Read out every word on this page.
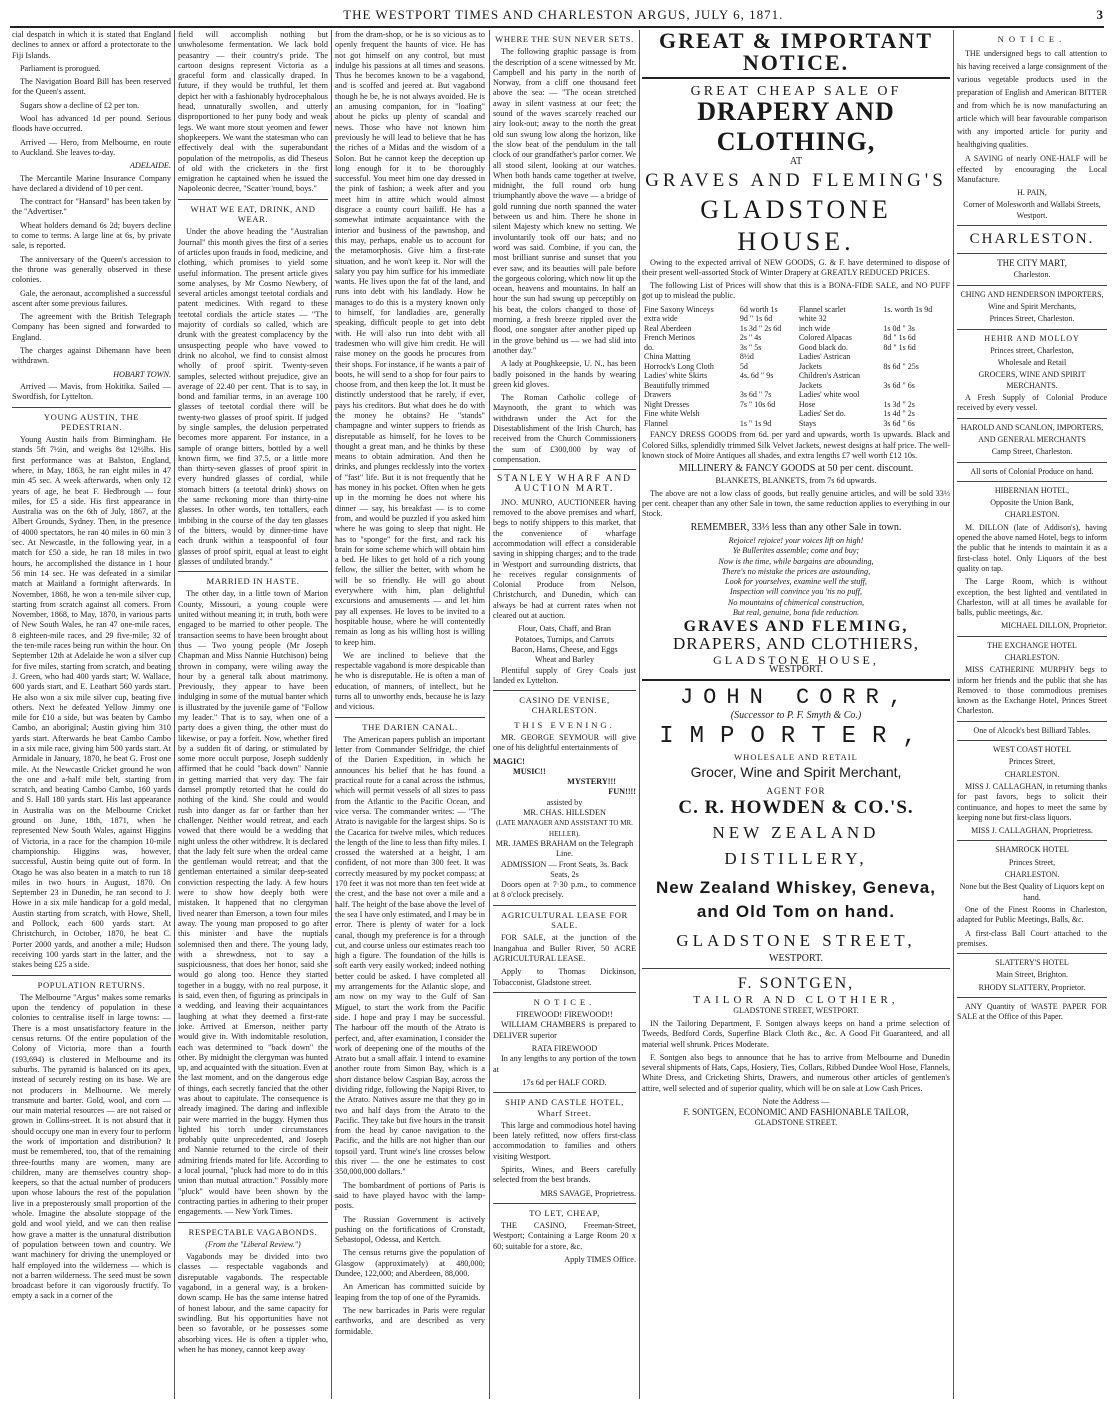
THE WESTPORT TIMES AND CHARLESTON ARGUS, JULY 6, 1871.	3

cial despatch in which it is stated that England declines to annex or afford a protectorate to the Fiji Islands.

Parliament is prorogued.

The Navigation Board Bill has been reserved for the Queen's assent.

Sugars show a decline of £2 per ton.

Wool has advanced 1d per pound. Serious floods have occurred.

Arrived — Hero, from Melbourne, en route to Auckland. She leaves to-day.

ADELAIDE.

The Mercantile Marine Insurance Company have declared a dividend of 10 per cent.

The contract for "Hansard" has been taken by the "Advertiser."

Wheat holders demand 6s 2d; buyers decline to come to terms. A large line at 6s, by private sale, is reported.

The anniversary of the Queen's accession to the throne was generally observed in these colonies.

Gale, the aeronaut, accomplished a successful ascent after some previous failures.

The agreement with the British Telegraph Company has been signed and forwarded to England.

The charges against Dihemann have been withdrawn.

HOBART TOWN.

Arrived — Mavis, from Hokitika. Sailed — Swordfish, for Lyttelton.

YOUNG AUSTIN, THE PEDESTRIAN.

Young Austin hails from Birmingham. He stands 5ft 7½in, and weighs 8st 12½lbs. His first performance was at Balston, England, where, in May, 1863, he ran eight miles in 47 min 45 sec. A week afterwards, when only 12 years of age, he beat F. Hedbrough — four miles, for £5 a side. His first appearance in Australia was on the 6th of July, 1867, at the Albert Grounds, Sydney. Then, in the presence of 4000 spectators, he ran 40 miles in 60 min 3 sec. At Newcastle, in the following year, in a match for £50 a side, he ran 18 miles in two hours, he accomplished the distance in 1 hour 56 min 14 sec. He was defeated in a similar match at Maitland a fortnight afterwards. In November, 1868, he won a ten-mile silver cup, starting from scratch against all comers. From November, 1868, to May, 1870, in various parts of New South Wales, he ran 47 one-mile races, 8 eighteen-mile races, and 29 five-mile; 32 of the ten-mile races being run within the hour. On September 12th at Adelaide he won a silver cup for five miles, starting from scratch, and beating J. Green, who had 400 yards start; W. Wallace, 600 yards start, and E. Leathart 560 yards start. He also won a six mile silver cup, beating five others. Next he defeated Yellow Jimmy one mile for £10 a side, but was beaten by Cambo Cambo, an aboriginal; Austin giving him 310 yards start. Afterwards he beat Cambo Cambo in a six mile race, giving him 500 yards start. At Armidale in January, 1870, he beat G. Frost one mile. At the Newcastle Cricket ground he won the one and a-half mile belt, starting from scratch, and beating Cambo Cambo, 160 yards and S. Hall 180 yards start. His last appearance in Australia was on the Melbourne Cricket ground on June, 18th, 1871, when he represented New South Wales, against Higgins of Victoria, in a race for the champion 10-mile championship. Higgins was, however, successful, Austin being quite out of form. In Otago he was also beaten in a match to run 18 miles in two hours in August, 1870. On September 23 in Dunedin, he ran second to J. Howe in a six mile handicap for a gold medal, Austin starting from scratch, with Howe, Shell, and Pollock, each 600 yards start. At Christchurch, in October, 1870, he beat C. Porter 2000 yards, and another a mile; Hudson receiving 100 yards start in the latter, and the stakes being £25 a side.

POPULATION RETURNS.

The Melbourne "Argus" makes some remarks upon the tendency of population in these colonies to centralise itself in large towns: — There is a most unsatisfactory feature in the census returns. Of the entire population of the Colony of Victoria, more than a fourth (193,694) is clustered in Melbourne and its suburbs. The pyramid is balanced on its apex, instead of securely resting on its base. We are not producers in Melbourne. We merely transmute and barter. Gold, wool, and corn — our main material resources — are not raised or grown in Collins-street. It is not absurd that it should occupy one man in every four to perform the work of importation and distribution? It must be remembered, too, that of the remaining three-fourths many are women, many are children, many are themselves country shop-keepers, so that the actual number of producers upon whose labours the rest of the population live in a preposterously small proportion of the whole. Imagine the absolute stoppage of the gold and wool yield, and we can then realise how grave a matter is the unnatural distribution of population between town and country. We want machinery for driving the unemployed or half employed into the wilderness — which is not a barren wilderness. The seed must be sown broadcast before it can vigorously fructify. To empty a sack in a corner of the

field will accomplish nothing but unwholesome fermentation. We lack bold peasantry — their country's pride. The cartoon designs represent Victoria as a graceful form and classically draped. In future, if they would be truthful, let them depict her with a fashionably hydrocephalous head, unnaturally swollen, and utterly disproportioned to her puny body and weak legs. We want more stout yeomen and fewer shopkeepers. We want the statesman who can effectively deal with the superabundant population of the metropolis, as did Theseus of old with the cricketers in the first emigration he captained when he issued the Napoleonic decree, "Scatter 'round, boys."

WHAT WE EAT, DRINK, AND WEAR.

Under the above heading the "Australian Journal" this month gives the first of a series of articles upon frauds in food, medicine, and clothing, which promises to yield some useful information. The present article gives some analyses, by Mr Cosmo Newbery, of several articles amongst teetotal cordials and patent medicines. With regard to these teetotal cordials the article states — "The majority of cordials so called, which are drunk with the greatest complacency by the unsuspecting people who have vowed to drink no alcohol, we find to consist almost wholly of proof spirit. Twenty-seven samples, selected without prejudice, give an average of 22.40 per cent. That is to say, in bond and familiar terms, in an average 100 glasses of teetotal cordial there will be twenty-two glasses of proof spirit. If judged by single samples, the delusion perpetrated becomes more apparent. For instance, in a sample of orange bitters, bottled by a well known firm, we find 37.5, or a little more than thirty-seven glasses of proof spirit in every hundred glasses of cordial, while stomach bitters (a teetotal drink) shows on the same reckoning more than thirty-nine glasses. In other words, ten tottallers, each imbibing in the course of the day ten glasses of the bitters, would by dinner-time have each drunk within a teaspoonful of four glasses of proof spirit, equal at least to eight glasses of undiluted brandy."

MARRIED IN HASTE.

The other day, in a little town of Marion County, Missouri, a young couple were united without meaning it; in truth, both were engaged to be married to other people. The transaction seems to have been brought about thus — Two young people (Mr Joseph Chapman and Miss Nannie Hutchison) being thrown in company, were wiling away the hour by a general talk about matrimony. Previously, they appear to have been indulging in some of the mutual banter which is illustrated by the juvenile game of "Follow my leader." That is to say, when one of a party does a given thing, the other must do likewise, or pay a forfeit. Now, whether fired by a sudden fit of daring, or stimulated by some more occult purpose, Joseph suddenly affirmed that he could "back down" Nannie in getting married that very day. The fair damsel promptly retorted that he could do nothing of the kind. She could and would rush into danger as far or farther than her challenger. Neither would retreat, and each vowed that there would be a wedding that night unless the other withdrew. It is declared that the lady felt sure when the ordeal came the gentleman would retreat; and that the gentleman entertained a similar deep-seated conviction respecting the lady. A few hours were to show how deeply both were mistaken. It happened that no clergyman lived nearer than Emerson, a town four miles away. The young man proposed to go after this minister and have the nuptials solemnised then and there. The young lady, with a shrewdness, not to say a suspiciousness, that does her honor, said she would go along too. Hence they started together in a buggy, with no real purpose, it is said, even then, of figuring as principals in a wedding, and leaving their acquaintances laughing at what they deemed a first-rate joke. Arrived at Emerson, neither party would give in. With indomitable resolution, each was determined to "back down" the other. By midnight the clergyman was hunted up, and acquainted with the situation. Even at the last moment, and on the dangerous edge of things, each secretly fancied that the other was about to capitulate. The consequence is already imagined. The daring and inflexible pair were married in the buggy. Hymen thus lighted his torch under circumstances probably quite unprecedented, and Joseph and Nannie returned to the circle of their admiring friends mated for life. According to a local journal, "pluck had more to do in this union than mutual attraction." Possibly more "pluck" would have been shown by the contracting parties in adhering to their proper engagements. — New York Times.

RESPECTABLE VAGABONDS.
(From the "Liberal Review.")

Vagabonds may be divided into two classes — respectable vagabonds and disreputable vagabonds. The respectable vagabond, in a general way, is a broken-down scamp. He has the same intense hatred of honest labour, and the same capacity for swindling. But his opportunities have not been so favorable, or he possesses some absorbing vices. He is often a tippler who, when he has money, cannot keep away

from the dram-shop, or he is so vicious as to openly frequent the haunts of vice. He has not got himself on any control, but must indulge his passions at all times and seasons. Thus he becomes known to be a vagabond, and is scoffed and jeered at. But vagabond though he be, he is not always avoided. He is an amusing companion, for in "loafing" about he picks up plenty of scandal and news. Those who have not known him previously he will lead to believe that he has the riches of a Midas and the wisdom of a Solon. But he cannot keep the deception up long enough for it to be thoroughly successful. You meet him one day dressed in the pink of fashion; a week after and you meet him in attire which would almost disgrace a county court bailiff. He has a somewhat intimate acquaintance with the interior and business of the pawnshop, and this may, perhaps, enable us to account for the metamorphosis. Give him a first-rate situation, and he won't keep it. Nor will the salary you pay him suffice for his immediate wants. He lives upon the fat of the land, and runs into debt with his landlady. How he manages to do this is a mystery known only to himself, for landladies are, generally speaking, difficult people to get into debt with. He will also run into debt with all tradesmen who will give him credit. He will raise money on the goods he procures from their shops. For instance, if he wants a pair of boots, he will send to a shop for four pairs to choose from, and then keep the lot. It must be distinctly understood that he rarely, if ever, pays his creditors. But what does he do with the money he obtains? He "stands" champagne and winter suppers to friends as disreputable as himself, for he loves to be thought a great man, and he thinks by these means to obtain admiration. And then he drinks, and plunges recklessly into the vortex of "fast" life. But it is not frequently that he has money in his pocket. Often when he gets up in the morning he does not where his dinner — say, his breakfast — is to come from, and would be puzzled if you asked him where he was going to sleep that night. He has to "sponge" for the first, and rack his brain for some scheme which will obtain him a bed. He likes to get hold of a rich young fellow, the sillier the better, with whom he will be so friendly. He will go about everywhere with him, plan delightful excursions and amusements — and let him pay all expenses. He loves to be invited to a hospitable house, where he will contentedly remain as long as his willing host is willing to keep him.

We are inclined to believe that the respectable vagabond is more despicable than he who is disreputable. He is often a man of education, of manners, of intellect, but he turns all to unworthy ends, because he is lazy and vicious.

THE DARIEN CANAL.

The American papers publish an important letter from Commander Selfridge, the chief of the Darien Expedition, in which he announces his belief that he has found a practical route for a canal across the isthmus, which will permit vessels of all sizes to pass from the Atlantic to the Pacific Ocean, and vice versa. The commander writes: — "The Atrato is navigable for the largest ships. So is the Cacarica for twelve miles, which reduces the length of the line to less than fifty miles. I crossed the watershed at a height, I am confident, of not more than 300 feet. It was correctly measured by my pocket compass; at 170 feet it was not more than ten feet wide at the crest, and the base not over a mile and a half. The height of the base above the level of the sea I have only estimated, and I may be in error. There is plenty of water for a lock canal, though my preference is for a through cut, and course unless our estimates reach too high a figure. The foundation of the hills is soft earth very easily worked; indeed nothing better could be asked. I have completed all my arrangements for the Atlantic slope, and am now on my way to the Gulf of San Miguel, to start the work from the Pacific side. I hope and pray I may be successful. The harbour off the mouth of the Atrato is perfect, and, after examination, I consider the work of deepening one of the mouths of the Atrato but a small affair. I intend to examine another route from Simon Bay, which is a short distance below Caspian Bay, across the dividing ridge, following the Napipi River, to the Atrato. Natives assure me that they go in two and half days from the Atrato to the Pacific. They take but five hours in the transit from the head by canoe navigation to the Pacific, and the hills are not higher than our topsoil yard. Trunt wine's line crosses below this river — the one he estimates to cost 350,000,000 dollars."

The bombardment of portions of Paris is said to have played havoc with the lamp-posts.

The Russian Government is actively pushing on the fortifications of Cronstadt, Sebastopol, Odessa, and Kertch.

The census returns give the population of Glasgow (approximately) at 480,000; Dundee, 122,000; and Aberdeen, 88,000.

An American has committed suicide by leaping from the top of one of the Pyramids.

The new barricades in Paris were regular earthworks, and are described as very formidable.

WHERE THE SUN NEVER SETS.

The following graphic passage is from the description of a scene witnessed by Mr. Campbell and his party in the north of Norway, from a cliff one thousand feet above the sea: — "The ocean stretched away in silent vastness at our feet; the sound of the waves scarcely reached our airy look-out; away to the north the great old sun swung low along the horizon, like the slow beat of the pendulum in the tall clock of our grandfather's parlor corner. We all stood silent, looking at our watches. When both hands came together at twelve, midnight, the full round orb hung triumphantly above the wave — a bridge of gold running due north spanned the water between us and him. There he shone in silent Majesty which knew no setting. We involuntarily took off our hats; and no word was said. Combine, if you can, the most brilliant sunrise and sunset that you ever saw, and its beauties will pale before the gorgeous coloring, which now lit up the ocean, heavens and mountains. In half an hour the sun had swung up perceptibly on his beat, the colors changed to those of morning, a fresh breeze rippled over the flood, one songster after another piped up in the grove behind us — we had slid into another day."

A lady at Poughkeepsie, U. N., has been badly poisoned in the hands by wearing green kid gloves.

The Roman Catholic college of Maynooth, the grant to which was withdrawn under the Act for the Disestablishment of the Irish Church, has received from the Church Commissioners the sum of £300,000 by way of compensation.

STANLEY WHARF AND AUCTION MART.

JNO. MUNRO, AUCTIONEER having removed to the above premises and wharf, begs to notify shippers to this market, that the convenience of wharfage accommodation will effect a considerable saving in shipping charges; and to the trade in Westport and surrounding districts, that he receives regular consignments of Colonial Produce from Nelson, Christchurch, and Dunedin, which can always be had at current rates when not cleared out at auction.

Flour, Oats, Chaff, and Bran
Potatoes, Turnips, and Carrots
Bacon, Hams, Cheese, and Eggs
Wheat and Barley

Plentiful supply of Grey Coals just landed ex Lyttelton.

CASINO DE VENISE, CHARLESTON.
THIS EVENING.

MR. GEORGE SEYMOUR will give one of his delightful entertainments of

MAGIC!
MUSIC!!
MYSTERY!!!
FUN!!!!
assisted by
MR. CHAS. HILLSDEN
(LATE MANAGER AND ASSISTANT TO MR. HELLER).
MR. JAMES BRAHAM on the Telegraph Line.
ADMISSION — Front Seats, 3s. Back Seats, 2s

Doors open at 7·30 p.m., to commence at 8 o'clock precisely.

AGRICULTURAL LEASE FOR SALE.

FOR SALE, at the junction of the Inangahua and Buller River, 50 ACRE AGRICULTURAL LEASE.

Apply to Thomas Dickinson, Tobacconist, Gladstone street.

NOTICE.
FIREWOOD! FIREWOOD!!

WILLIAM CHAMBERS is prepared to DELIVER superior

RATA FIREWOOD

In any lengths to any portion of the town at

17s 6d per HALF CORD.
SHIP AND CASTLE HOTEL, Wharf Street.

This large and commodious hotel having been lately refitted, now offers first-class accommodation to families and others visiting Westport.

Spirits, Wines, and Beers carefully selected from the best brands.

MRS SAVAGE, Proprietress.
TO LET, CHEAP,

THE CASINO, Freeman-Street, Westport; Containing a Large Room 20 x 60; suitable for a store, &c.

Apply TIMES Office.
GREAT & IMPORTANT NOTICE.
GREAT CHEAP SALE OF
DRAPERY AND CLOTHING,
AT
GRAVES AND FLEMING'S
GLADSTONE HOUSE.

Owing to the expected arrival of NEW GOODS, G. & F. have determined to dispose of their present well-assorted Stock of Winter Drapery at GREATLY REDUCED PRICES.

The following List of Prices will show that this is a BONA-FIDE SALE, and NO PUFF got up to mislead the public.

Fine Saxony Winceys	6d worth 1s	Flannel scarlet	1s. worth 1s 9d
extra wide	9d " 1s 6d	white 32	
Real Aberdeen	1s 3d " 2s 6d	inch wide	1s 0d " 3s
French Merinos	2s " 4s	Colored Alpacas	8d " 1s 6d
do.	3s " 5s	Good black do.	8d " 1s 6d
China Matting	8½d	Ladies' Astrican	
Horrock's Long Cloth	5d	Jackets	8s 6d " 25s
Ladies' white Skirts	4s. 6d " 9s	Children's Astrican	
Beautifully trimmed		Jackets	3s 6d " 6s
Drawers	3s 6d " 7s	Ladies' white wool	
Night Dresses	7s " 10s 6d	Hose	1s 3d " 2s
Fine white Welsh		Ladies' Set do.	1s 4d " 2s
Flannel	1s " 1s 9d	Stays	3s 6d " 6s

FANCY DRESS GOODS from 6d. per yard and upwards, worth 1s upwards. Black and Colored Silks, splendidly trimmed Silk Velvet Jackets, newest designs at half price. The well-known stock of Moire Antiques all shades, and extra lengths £7 well worth £12 10s.

MILLINERY & FANCY GOODS at 50 per cent. discount.
BLANKETS, BLANKETS, from 7s 6d upwards.

The above are not a low class of goods, but really genuine articles, and will be sold 33⅓ per cent. cheaper than any other Sale in town, the same reduction applies to everything in our Stock.

REMEMBER, 33⅓ less than any other Sale in town.
Rejoice! rejoice! your voices lift on high!
Ye Bullerites assemble; come and buy;
Now is the time, while bargains are abounding,
There's no mistake the prices are astounding,
Look for yourselves, examine well the stuff,
Inspection will convince you 'tis no puff,
No mountains of chimerical construction,
But real, genuine, bona fide reduction.
GRAVES AND FLEMING,
DRAPERS, AND CLOTHIERS,
GLADSTONE HOUSE,
WESTPORT.
JOHN CORR,
(Successor to P. F. Smyth & Co.)
IMPORTER,
WHOLESALE AND RETAIL
Grocer, Wine and Spirit Merchant,
AGENT FOR
C. R. HOWDEN & CO.'S.
NEW ZEALAND DISTILLERY,
New Zealand Whiskey, Geneva,
and Old Tom on hand.
GLADSTONE STREET,
WESTPORT.
F. SONTGEN,
TAILOR AND CLOTHIER,
GLADSTONE STREET, WESTPORT.

IN the Tailoring Department, F. Sontgen always keeps on hand a prime selection of Tweeds, Bedford Cords, Superfine Black Cloth &c., &c. A Good Fit Guaranteed, and all material well shrunk. Prices Moderate.

F. Sontgen also begs to announce that he has to arrive from Melbourne and Dunedin several shipments of Hats, Caps, Hosiery, Ties, Collars, Ribbed Dundee Wool Hose, Flannels, White Dress, and Cricketing Shirts, Drawers, and numerous other articles of gentlemen's attire, well selected and of superior quality, which will be on sale at Low Cash Prices.

Note the Address —
F. SONTGEN, ECONOMIC AND FASHIONABLE TAILOR,
GLADSTONE STREET.
NOTICE.

THE undersigned begs to call attention to his having received a large consignment of the various vegetable products used in the preparation of English and American BITTER and from which he is now manufacturing an article which will bear favourable comparison with any imported article for purity and healthgiving qualities.

A SAVING of nearly ONE-HALF will be effected by encouraging the Local Manufacture.

H. PAIN,
Corner of Molesworth and Wallabi Streets, Westport.
CHARLESTON.
THE CITY MART,
Charleston.
CHING AND HENDERSON IMPORTERS,
Wine and Spirit Merchants,
Princes Street, Charleston.
HEHIR AND MOLLOY
Princes street, Charleston,
Wholesale and Retail
GROCERS, WINE AND SPIRIT MERCHANTS.

A Fresh Supply of Colonial Produce received by every vessel.

HAROLD AND SCANLON, IMPORTERS,
AND GENERAL MERCHANTS
Camp Street, Charleston.
All sorts of Colonial Produce on hand.
HIBERNIAN HOTEL,
Opposite the Union Bank,
CHARLESTON.

M. DILLON (late of Addison's), having opened the above named Hotel, begs to inform the public that he intends to maintain it as a first-class hotel. Only Liquors of the best quality on tap.

The Large Room, which is without exception, the best lighted and ventilated in Charleston, will at all times be available for balls, public meetings, &c.

MICHAEL DILLON, Proprietor.
THE EXCHANGE HOTEL
CHARLESTON.

MISS CATHERINE MURPHY begs to inform her friends and the public that she has Removed to those commodious premises known as the Exchange Hotel, Princes Street Charleston.

One of Alcock's best Billiard Tables.
WEST COAST HOTEL
Princes Street,
CHARLESTON.

MISS J. CALLAGHAN, in returning thanks for past favors, begs to solicit their continuance, and hopes to meet the same by keeping none but first-class liquors.

MISS J. CALLAGHAN, Proprietress.
SHAMROCK HOTEL
Princes Street,
CHARLESTON.
None but the Best Quality of Liquors kept on hand.

One of the Finest Rooms in Charleston, adapted for Public Meetings, Balls, &c.

A first-class Ball Court attached to the premises.

SLATTERY'S HOTEL
Main Street, Brighton.
RHODY SLATTERY, Proprietor.

ANY Quantity of WASTE PAPER FOR SALE at the Office of this Paper.
